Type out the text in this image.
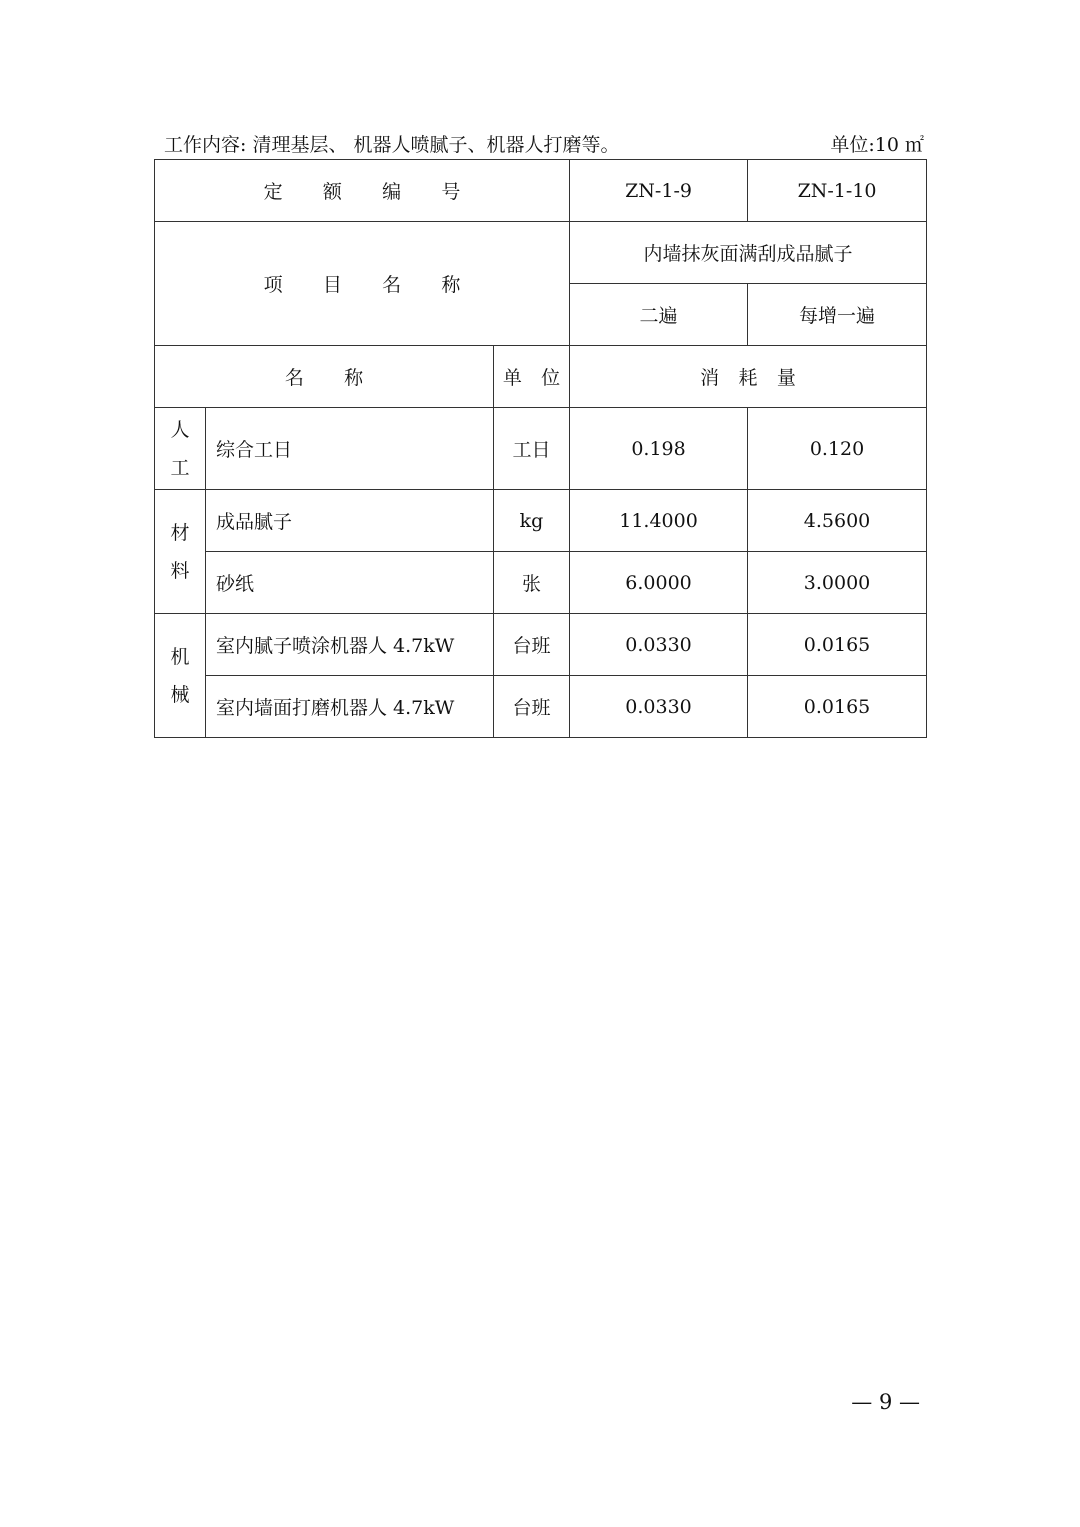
工作内容: 清理基层、 机器人喷腻子、机器人打磨等。	单位:10 ㎡
定 额 编 号			ZN-1-9	ZN-1-10
项 目 名 称			内墙抹灰面满刮成品腻子	
			二遍	每增一遍
名 称		单 位	消 耗 量	
人工	综合工日	工日	0.198	0.120
材料	成品腻子	kg	11.4000	4.5600
	砂纸	张	6.0000	3.0000
机械	室内腻子喷涂机器人 4.7kW	台班	0.0330	0.0165
	室内墙面打磨机器人 4.7kW	台班	0.0330	0.0165
— 9 —
